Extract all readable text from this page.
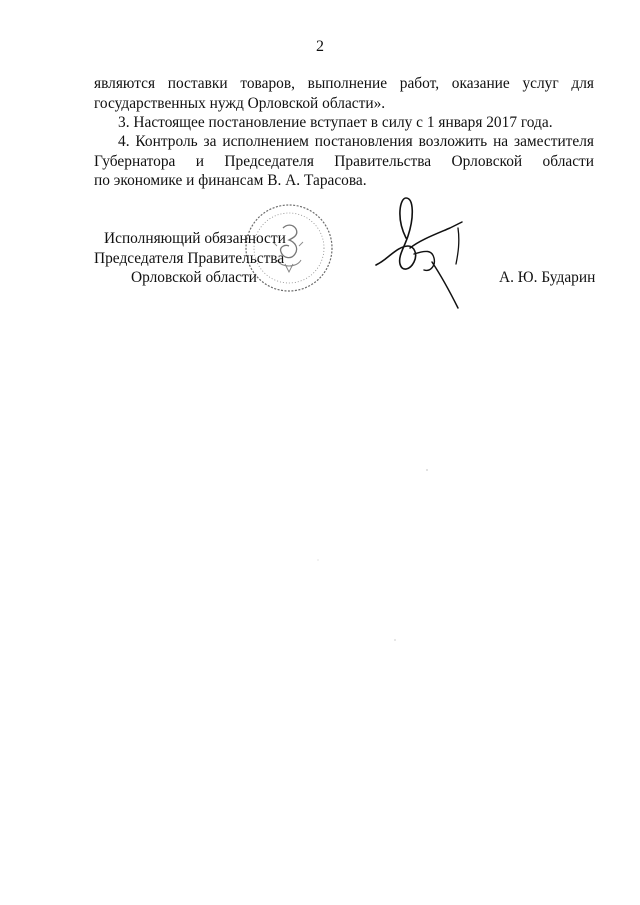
2
являются поставки товаров, выполнение работ, оказание услуг для
государственных нужд Орловской области».
3. Настоящее постановление вступает в силу с 1 января 2017 года.
4. Контроль за исполнением постановления возложить на заместителя
Губернатора и Председателя Правительства Орловской области
по экономике и финансам В. А. Тарасова.
Исполняющий обязанности
Председателя Правительства
Орловской области	А. Ю. Бударин
